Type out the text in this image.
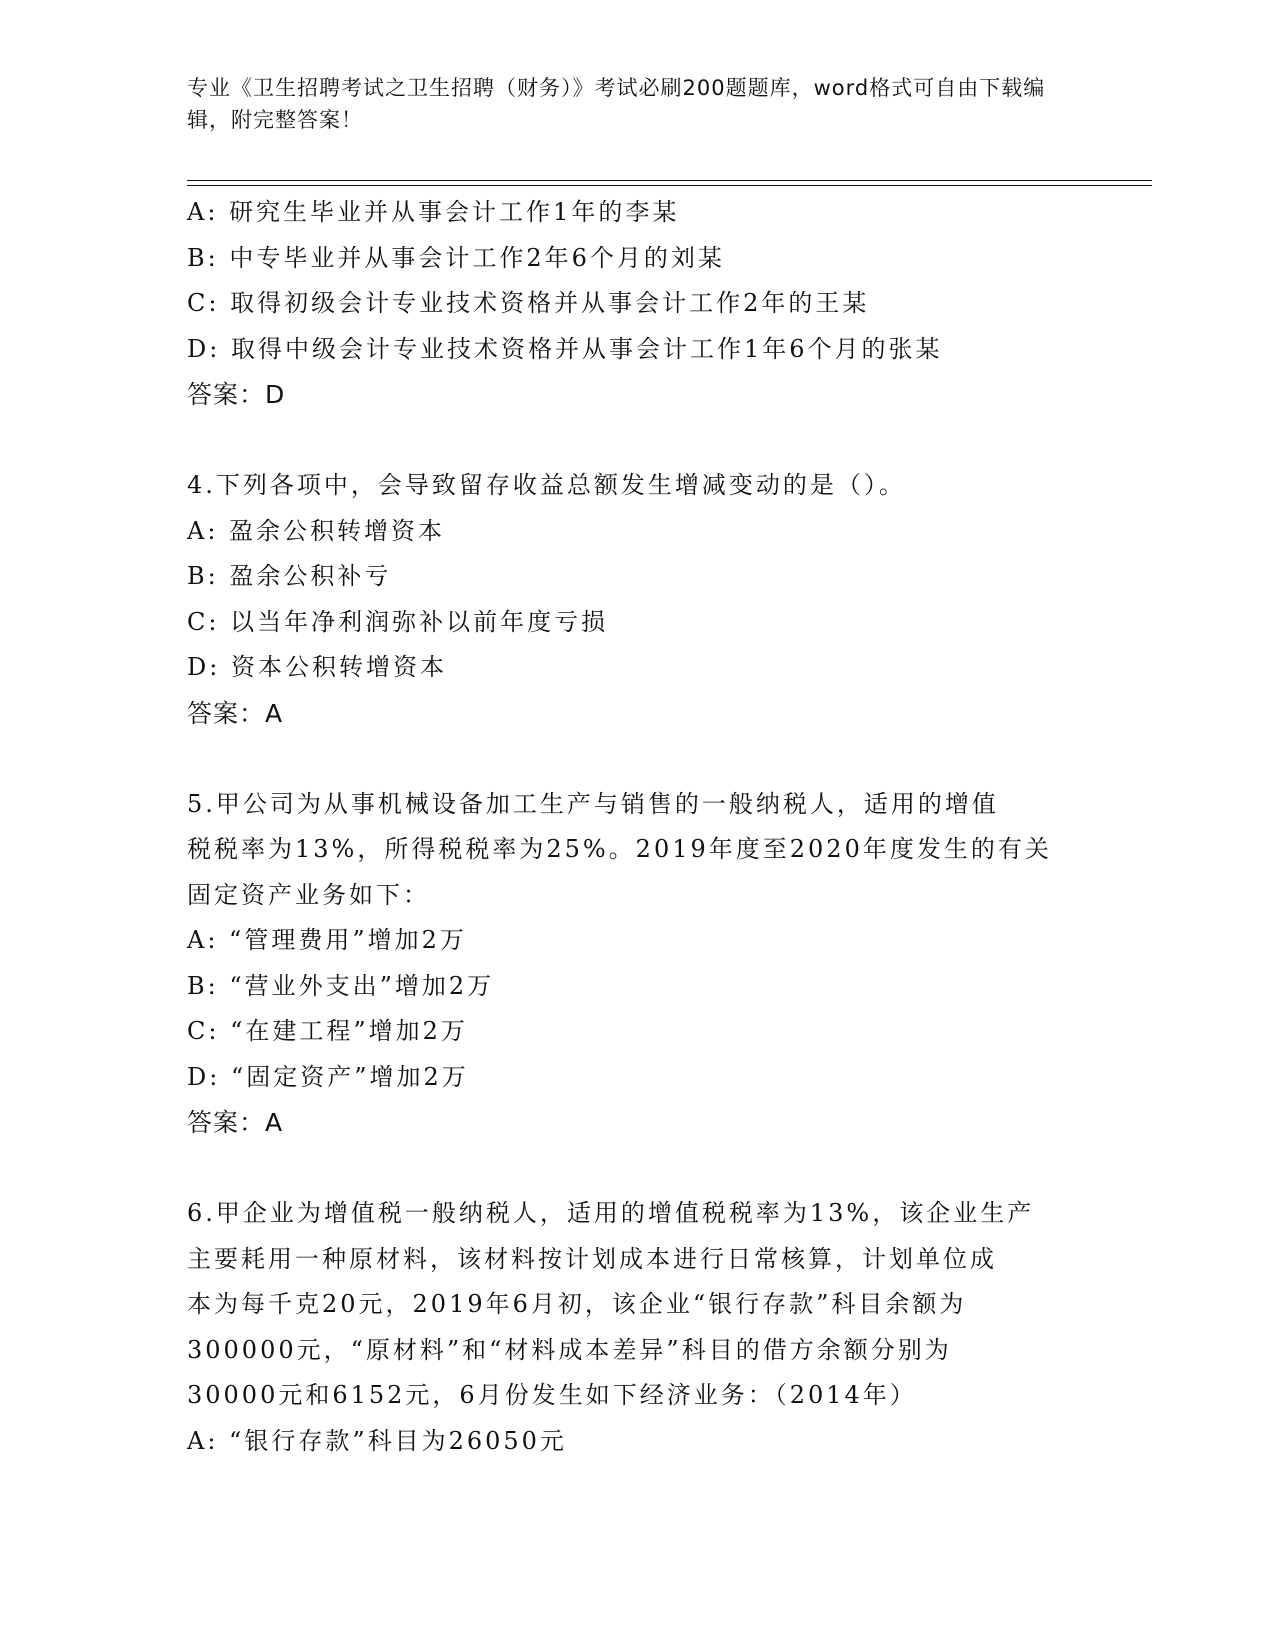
专业《卫生招聘考试之卫生招聘（财务）》考试必刷200题题库，word格式可自由下载编辑，附完整答案！
A: 研究生毕业并从事会计工作1年的李某
B: 中专毕业并从事会计工作2年6个月的刘某
C: 取得初级会计专业技术资格并从事会计工作2年的王某
D: 取得中级会计专业技术资格并从事会计工作1年6个月的张某
答案：D
4.下列各项中，会导致留存收益总额发生增减变动的是（）。
A: 盈余公积转增资本
B: 盈余公积补亏
C: 以当年净利润弥补以前年度亏损
D: 资本公积转增资本
答案：A
5.甲公司为从事机械设备加工生产与销售的一般纳税人，适用的增值
税税率为13%，所得税税率为25%。2019年度至2020年度发生的有关
固定资产业务如下：
A: “管理费用”增加2万
B: “营业外支出”增加2万
C: “在建工程”增加2万
D: “固定资产”增加2万
答案：A
6.甲企业为增值税一般纳税人，适用的增值税税率为13%，该企业生产
主要耗用一种原材料，该材料按计划成本进行日常核算，计划单位成
本为每千克20元，2019年6月初，该企业“银行存款”科目余额为
300000元，“原材料”和“材料成本差异”科目的借方余额分别为
30000元和6152元，6月份发生如下经济业务：（2014年）
A: “银行存款”科目为26050元
